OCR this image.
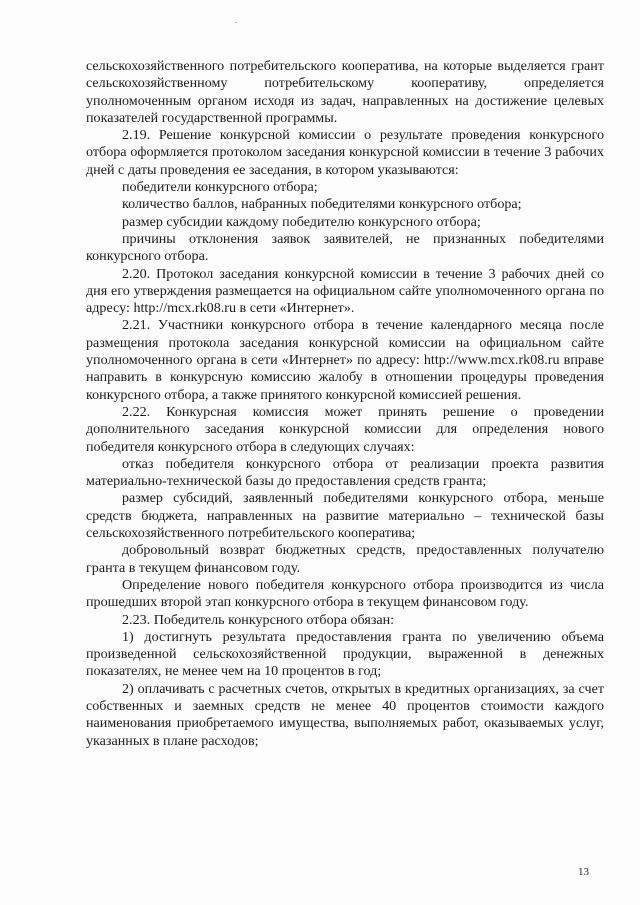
сельскохозяйственного потребительского кооператива, на которые выделяется грант сельскохозяйственному потребительскому кооперативу, определяется уполномоченным органом исходя из задач, направленных на достижение целевых показателей государственной программы.

2.19. Решение конкурсной комиссии о результате проведения конкурсного отбора оформляется протоколом заседания конкурсной комиссии в течение 3 рабочих дней с даты проведения ее заседания, в котором указываются:

победители конкурсного отбора;

количество баллов, набранных победителями конкурсного отбора;

размер субсидии каждому победителю конкурсного отбора;

причины отклонения заявок заявителей, не признанных победителями конкурсного отбора.

2.20. Протокол заседания конкурсной комиссии в течение 3 рабочих дней со дня его утверждения размещается на официальном сайте уполномоченного органа по адресу: http://mcx.rk08.ru в сети «Интернет».

2.21. Участники конкурсного отбора в течение календарного месяца после размещения протокола заседания конкурсной комиссии на официальном сайте уполномоченного органа в сети «Интернет» по адресу: http://www.mcx.rk08.ru вправе направить в конкурсную комиссию жалобу в отношении процедуры проведения конкурсного отбора, а также принятого конкурсной комиссией решения.

2.22. Конкурсная комиссия может принять решение о проведении дополнительного заседания конкурсной комиссии для определения нового победителя конкурсного отбора в следующих случаях:

отказ победителя конкурсного отбора от реализации проекта развития материально-технической базы до предоставления средств гранта;

размер субсидий, заявленный победителями конкурсного отбора, меньше средств бюджета, направленных на развитие материально – технической базы сельскохозяйственного потребительского кооператива;

добровольный возврат бюджетных средств, предоставленных получателю гранта в текущем финансовом году.

Определение нового победителя конкурсного отбора производится из числа прошедших второй этап конкурсного отбора в текущем финансовом году.

2.23. Победитель конкурсного отбора обязан:

1) достигнуть результата предоставления гранта по увеличению объема произведенной сельскохозяйственной продукции, выраженной в денежных показателях, не менее чем на 10 процентов в год;

2) оплачивать с расчетных счетов, открытых в кредитных организациях, за счет собственных и заемных средств не менее 40 процентов стоимости каждого наименования приобретаемого имущества, выполняемых работ, оказываемых услуг, указанных в плане расходов;

13
